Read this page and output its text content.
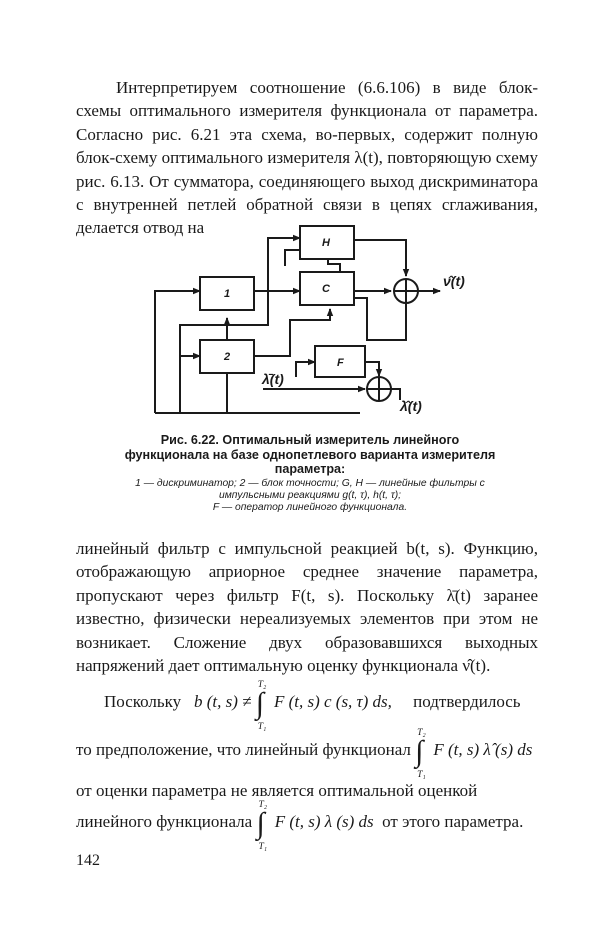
Интерпретируем соотношение (6.6.106) в виде блок-схемы оптимального измерителя функционала от параметра. Согласно рис. 6.21 эта схема, во-первых, содержит полную блок-схему оптимального измерителя λ(t), повторяющую схему рис. 6.13. От сумматора, соединяющего выход дискриминатора с внутренней петлей обратной связи в цепях сглаживания, делается отвод на

1
2
H
C
F
ν̂(t)
λ̄(t)
λ̂(t)
Рис. 6.22. Оптимальный измеритель линейного функционала на базе однопетлевого варианта измерителя параметра:
1 — дискриминатор; 2 — блок точности; G, H — линейные фильтры с импульсными реакциями g(t, τ), h(t, τ);
F — оператор линейного функционала.

линейный фильтр с импульсной реакцией b(t, s). Функцию, отображающую априорное среднее значение параметра, пропускают через фильтр F(t, s). Поскольку λ̄(t) заранее известно, физически нереализуемых элементов при этом не возникает. Сложение двух образовавшихся выходных напряжений дает оптимальную оценку функционала ν̂(t).

Поскольку b (t, s) ≠ ∫
T₂
T₁
F (t, s) c (s, τ) ds, подтвердилось
то предположение, что линейный функционал ∫
T₂
T₁
F (t, s) λ̂ (s) ds
от оценки параметра не является оптимальной оценкой
линейного функционала ∫
T₂
T₁
F (t, s) λ (s) ds от этого параметра.
142
